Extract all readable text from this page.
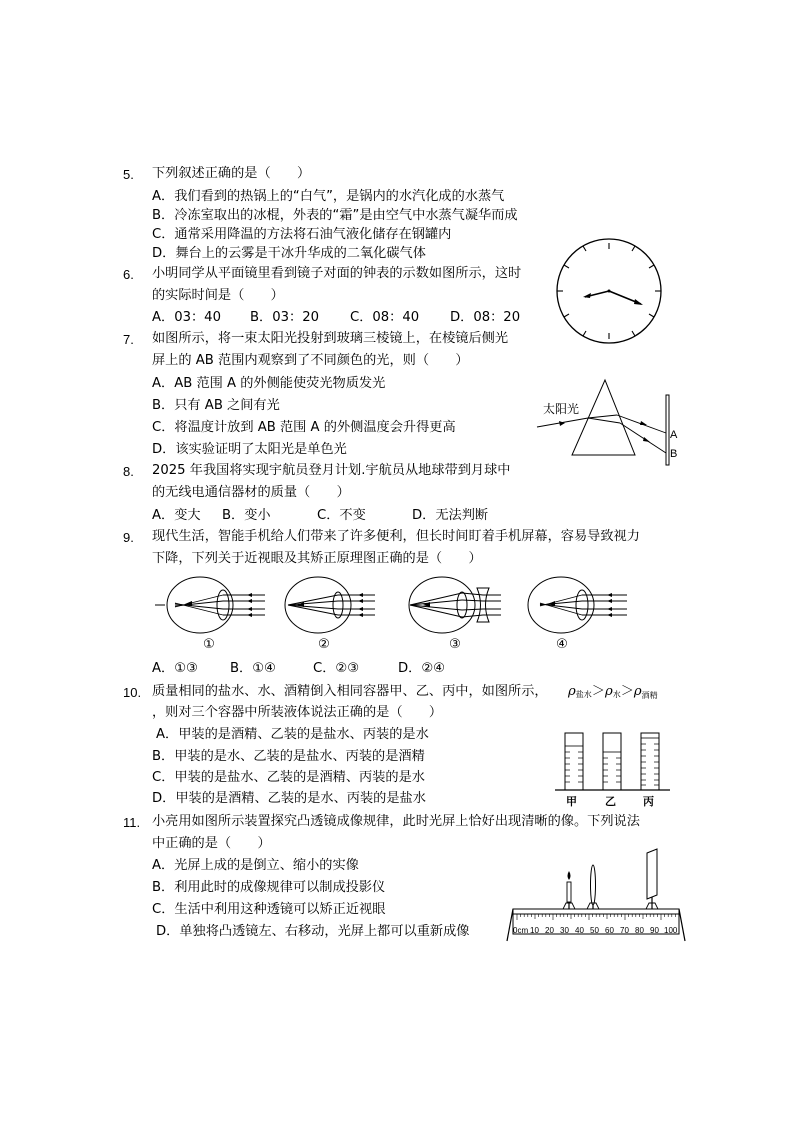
5. 下列叙述正确的是（　　）
A．我们看到的热锅上的“白气”，是锅内的水汽化成的水蒸气
B．冷冻室取出的冰棍，外表的“霜”是由空气中水蒸气凝华而成
C．通常采用降温的方法将石油气液化储存在钢罐内
D．舞台上的云雾是干冰升华成的二氧化碳气体
6. 小明同学从平面镜里看到镜子对面的钟表的示数如图所示，这时
的实际时间是（　　）
A．03：40 B．03：20 C．08：40 D．08：20
7. 如图所示，将一束太阳光投射到玻璃三棱镜上，在棱镜后侧光
屏上的 AB 范围内观察到了不同颜色的光，则（　　）
A．AB 范围 A 的外侧能使荧光物质发光
B．只有 AB 之间有光
C．将温度计放到 AB 范围 A 的外侧温度会升得更高
D．该实验证明了太阳光是单色光
太阳光
A
B
8. 2025 年我国将实现宇航员登月计划.宇航员从地球带到月球中
的无线电通信器材的质量（　　）
A．变大 B．变小	C．不变	D．无法判断
9. 现代生活，智能手机给人们带来了许多便利，但长时间盯着手机屏幕，容易导致视力
下降，下列关于近视眼及其矫正原理图正确的是（　　）
①	②	③	④
A．①③ B．①④	C．②③	D．②④
10. 质量相同的盐水、水、酒精倒入相同容器甲、乙、丙中，如图所示， $\rho_{盐水}>\rho_水>\rho_{酒精}$
，则对三个容器中所装液体说法正确的是（　　）
A．甲装的是酒精、乙装的是盐水、丙装的是水
B．甲装的是水、乙装的是盐水、丙装的是酒精
C．甲装的是盐水、乙装的是酒精、丙装的是水
D．甲装的是酒精、乙装的是水、丙装的是盐水	甲	乙 丙
11. 小亮用如图所示装置探究凸透镜成像规律，此时光屏上恰好出现清晰的像。下列说法
中正确的是（　　）
A．光屏上成的是倒立、缩小的实像
B．利用此时的成像规律可以制成投影仪
C．生活中利用这种透镜可以矫正近视眼
D．单独将凸透镜左、右移动，光屏上都可以重新成像	0cm 10 20 30 40 50 60 70 80 90 100
